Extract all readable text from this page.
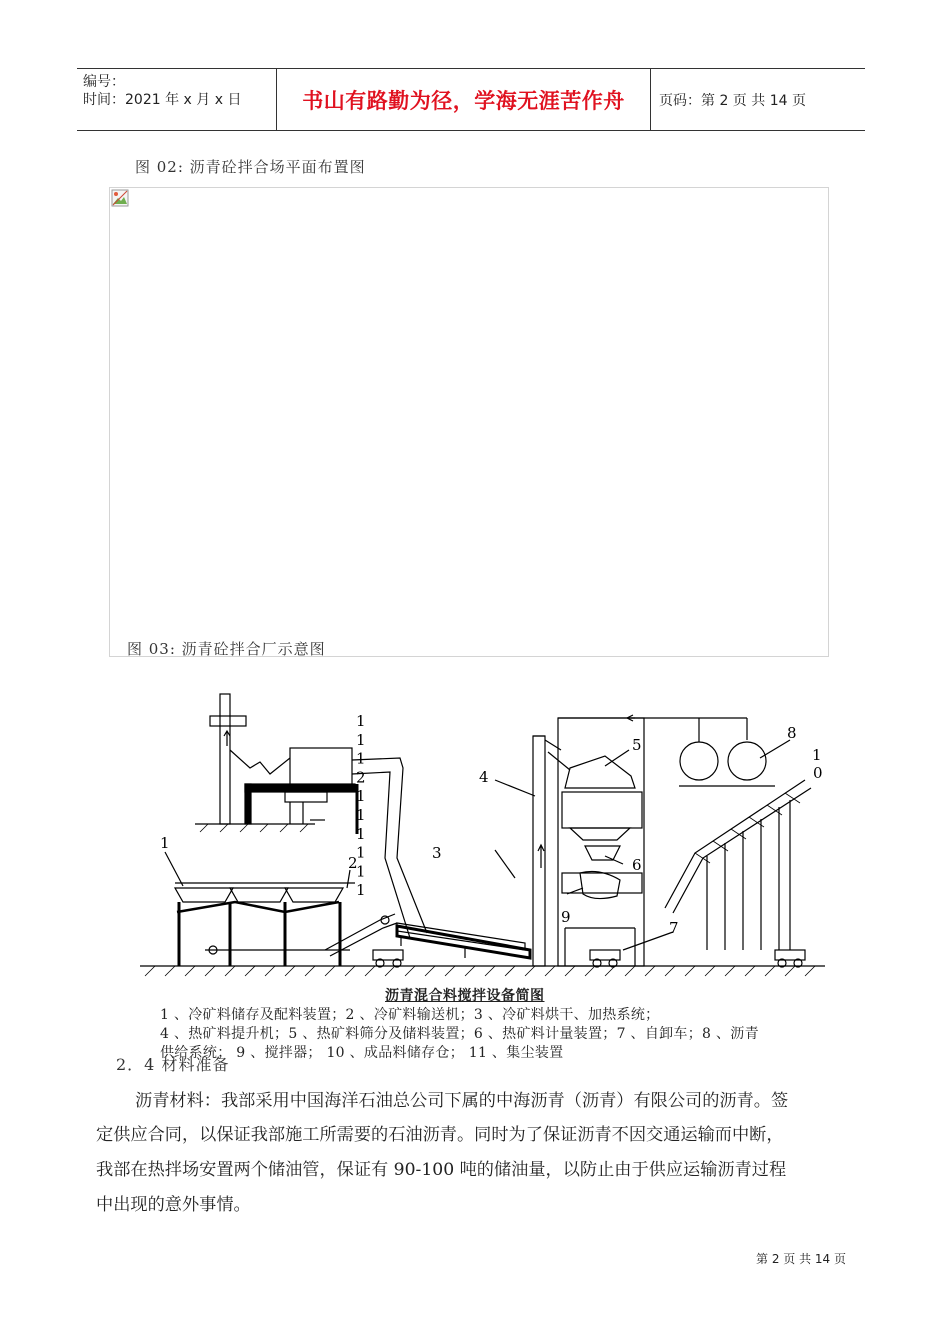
编号：
时间：2021 年 x 月 x 日	书山有路勤为径，学海无涯苦作舟	页码：第 2 页 共 14 页
图 02: 沥青砼拌合场平面布置图
图 03: 沥青砼拌合厂示意图
1
2
3
4
5
6
7
8
9
1
0
1
1
1
2
1
1
1
1
1
1
沥青混合料搅拌设备简图
1 、冷矿料储存及配料装置；2 、冷矿料输送机；3 、冷矿料烘干、加热系统；
4 、热矿料提升机；5 、热矿料筛分及储料装置；6 、热矿料计量装置；7 、自卸车；8 、沥青
供给系统； 9 、搅拌器； 10 、成品料储存仓； 11 、集尘装置
2．4 材料准备
沥青材料：我部采用中国海洋石油总公司下属的中海沥青（沥青）有限公司的沥青。签
定供应合同，以保证我部施工所需要的石油沥青。同时为了保证沥青不因交通运输而中断，
我部在热拌场安置两个储油管，保证有 90-100 吨的储油量，以防止由于供应运输沥青过程
中出现的意外事情。
第 2 页 共 14 页
